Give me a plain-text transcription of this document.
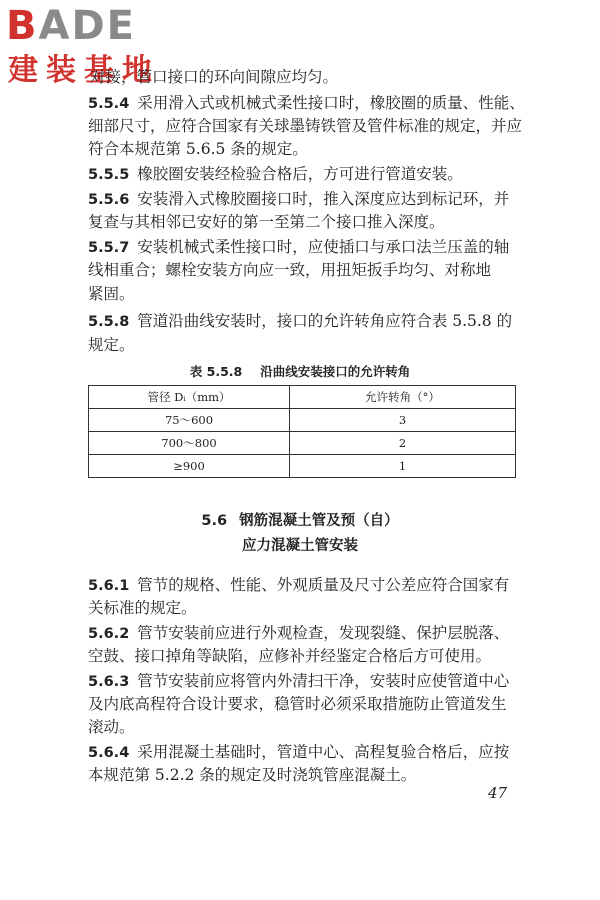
BADE
建装基地
对接，管口接口的环向间隙应均匀。
5.5.4 采用滑入式或机械式柔性接口时，橡胶圈的质量、性能、
细部尺寸，应符合国家有关球墨铸铁管及管件标准的规定，并应
符合本规范第 5.6.5 条的规定。
5.5.5 橡胶圈安装经检验合格后，方可进行管道安装。
5.5.6 安装滑入式橡胶圈接口时，推入深度应达到标记环，并
复查与其相邻已安好的第一至第二个接口推入深度。
5.5.7 安装机械式柔性接口时，应使插口与承口法兰压盖的轴
线相重合；螺栓安装方向应一致，用扭矩扳手均匀、对称地
紧固。
5.5.8 管道沿曲线安装时，接口的允许转角应符合表 5.5.8 的
规定。
表 5.5.8 沿曲线安装接口的允许转角
管径 Dᵢ（mm）	允许转角（°）
75～600	3
700～800	2
≥900	1
5.6 钢筋混凝土管及预（自）
应力混凝土管安装
5.6.1 管节的规格、性能、外观质量及尺寸公差应符合国家有
关标准的规定。
5.6.2 管节安装前应进行外观检查，发现裂缝、保护层脱落、
空鼓、接口掉角等缺陷，应修补并经鉴定合格后方可使用。
5.6.3 管节安装前应将管内外清扫干净，安装时应使管道中心
及内底高程符合设计要求，稳管时必须采取措施防止管道发生
滚动。
5.6.4 采用混凝土基础时，管道中心、高程复验合格后，应按
本规范第 5.2.2 条的规定及时浇筑管座混凝土。
47
